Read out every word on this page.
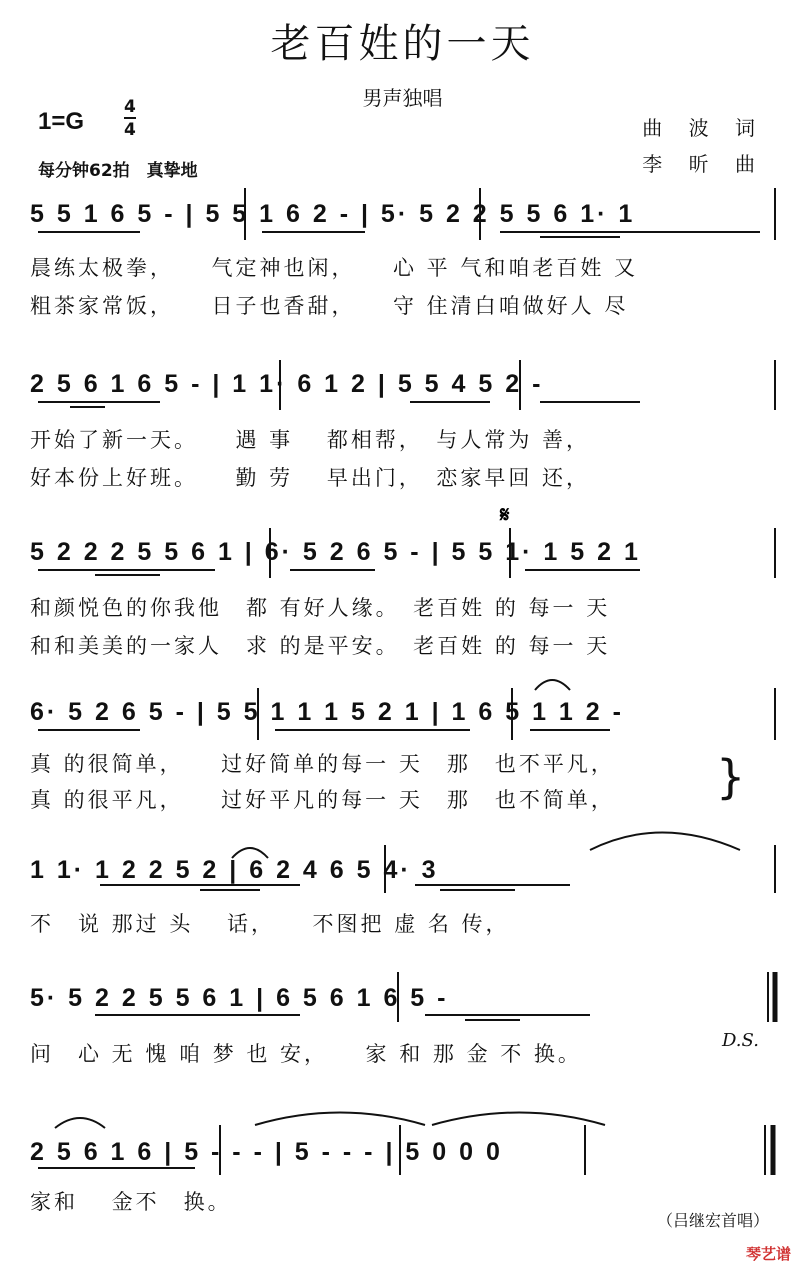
𝄋
老百姓的一天
男声独唱
1=G
4
4	曲 波 词
李 昕 曲
每分钟62拍　真挚地
5 5 1 6 5 - | 5 5 1 6 2 - | 5· 5 2 2 5 5 6 1· 1
晨练太极拳，　　气定神也闲，　　心 平 气和咱老百姓 又
粗茶家常饭，　　日子也香甜，　　守 住清白咱做好人 尽
2 5 6 1 6 5 - | 1 1· 6 1 2 | 5 5 4 5 2 -
开始了新一天。　　遇 事　 都相帮，　与人常为 善，
好本份上好班。　　勤 劳　 早出门，　恋家早回 还，
5 2 2 2 5 5 6 1 | 6· 5 2 6 5 - | 5 5 1· 1 5 2 1
和颜悦色的你我他　都 有好人缘。　老百姓 的 每一 天
和和美美的一家人　求 的是平安。　老百姓 的 每一 天
6· 5 2 6 5 - | 5 5 1 1 1 5 2 1 | 1 6 5 1 1 2 -
真 的很简单，　　过好简单的每一 天　那　也不平凡，
真 的很平凡，　　过好平凡的每一 天　那　也不简单，	}
1 1· 1 2 2 5 2 | 6 2 4 6 5 4· 3
不　说 那过 头　 话，　　不图把 虚 名 传，
5· 5 2 2 5 5 6 1 | 6 5 6 1 6 5 -
问　心 无 愧 咱 梦 也 安，　　家 和 那 金 不 换。
D.S.
2 5 6 1 6 | 5 - - - | 5 - - - | 5 0 0 0
家和　 金不　换。
（吕继宏首唱）
琴艺谱
